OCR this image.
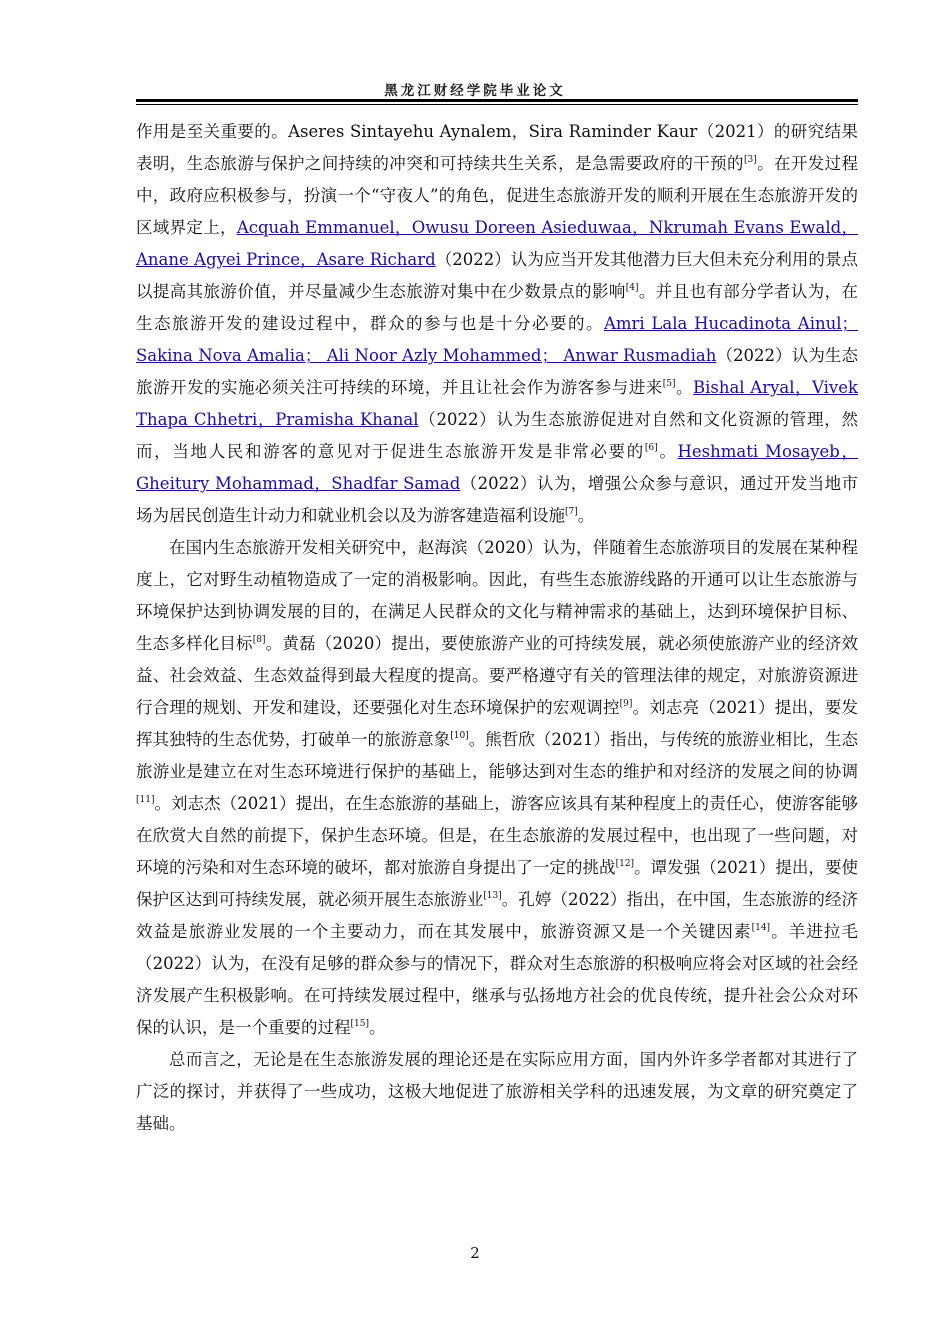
黑龙江财经学院毕业论文

作用是至关重要的。Aseres Sintayehu Aynalem，Sira Raminder Kaur（2021）的研究结果表明，生态旅游与保护之间持续的冲突和可持续共生关系，是急需要政府的干预的[3]。在开发过程中，政府应积极参与，扮演一个“守夜人”的角色，促进生态旅游开发的顺利开展在生态旅游开发的区域界定上，Acquah Emmanuel，Owusu Doreen Asieduwaa，Nkrumah Evans Ewald，Anane Agyei Prince，Asare Richard（2022）认为应当开发其他潜力巨大但未充分利用的景点以提高其旅游价值，并尽量减少生态旅游对集中在少数景点的影响[4]。并且也有部分学者认为，在生态旅游开发的建设过程中，群众的参与也是十分必要的。Amri Lala Hucadinota Ainul； Sakina Nova Amalia； Ali Noor Azly Mohammed； Anwar Rusmadiah（2022）认为生态旅游开发的实施必须关注可持续的环境，并且让社会作为游客参与进来[5]。Bishal Aryal，Vivek Thapa Chhetri，Pramisha Khanal（2022）认为生态旅游促进对自然和文化资源的管理，然而，当地人民和游客的意见对于促进生态旅游开发是非常必要的[6]。Heshmati Mosayeb，Gheitury Mohammad，Shadfar Samad（2022）认为，增强公众参与意识，通过开发当地市场为居民创造生计动力和就业机会以及为游客建造福利设施[7]。

在国内生态旅游开发相关研究中，赵海滨（2020）认为，伴随着生态旅游项目的发展在某种程度上，它对野生动植物造成了一定的消极影响。因此，有些生态旅游线路的开通可以让生态旅游与环境保护达到协调发展的目的，在满足人民群众的文化与精神需求的基础上，达到环境保护目标、生态多样化目标[8]。黄磊（2020）提出，要使旅游产业的可持续发展，就必须使旅游产业的经济效益、社会效益、生态效益得到最大程度的提高。要严格遵守有关的管理法律的规定，对旅游资源进行合理的规划、开发和建设，还要强化对生态环境保护的宏观调控[9]。刘志亮（2021）提出，要发挥其独特的生态优势，打破单一的旅游意象[10]。熊哲欣（2021）指出，与传统的旅游业相比，生态旅游业是建立在对生态环境进行保护的基础上，能够达到对生态的维护和对经济的发展之间的协调[11]。刘志杰（2021）提出，在生态旅游的基础上，游客应该具有某种程度上的责任心，使游客能够在欣赏大自然的前提下，保护生态环境。但是，在生态旅游的发展过程中，也出现了一些问题，对环境的污染和对生态环境的破坏，都对旅游自身提出了一定的挑战[12]。谭发强（2021）提出，要使保护区达到可持续发展，就必须开展生态旅游业[13]。孔婷（2022）指出，在中国，生态旅游的经济效益是旅游业发展的一个主要动力，而在其发展中，旅游资源又是一个关键因素[14]。羊进拉毛（2022）认为，在没有足够的群众参与的情况下，群众对生态旅游的积极响应将会对区域的社会经济发展产生积极影响。在可持续发展过程中，继承与弘扬地方社会的优良传统，提升社会公众对环保的认识，是一个重要的过程[15]。

总而言之，无论是在生态旅游发展的理论还是在实际应用方面，国内外许多学者都对其进行了广泛的探讨，并获得了一些成功，这极大地促进了旅游相关学科的迅速发展，为文章的研究奠定了基础。

2
